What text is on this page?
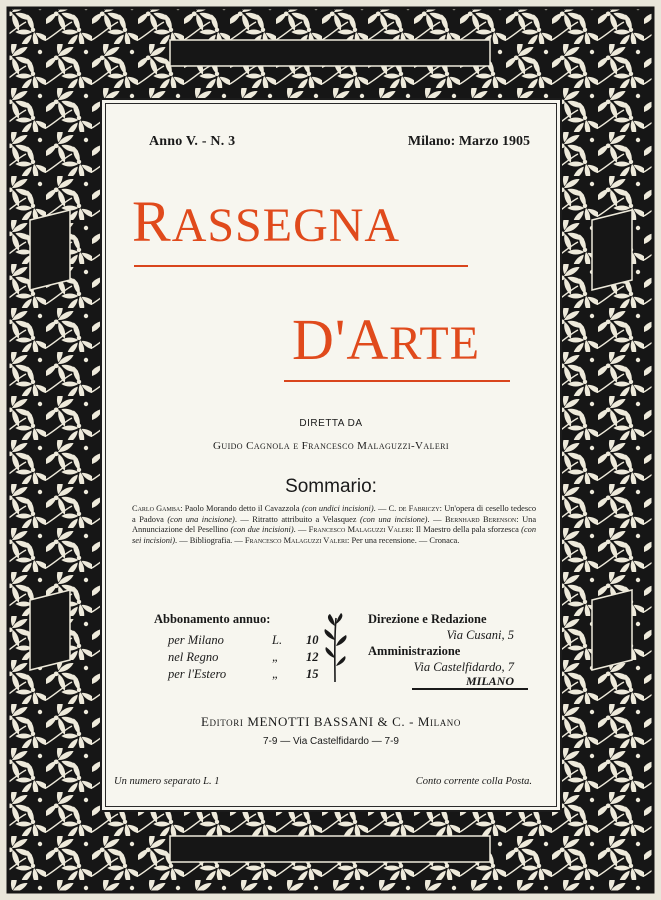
Anno V. - N. 3	Milano: Marzo 1905
RASSEGNA
D'ARTE
DIRETTA DA
Guido Cagnola e Francesco Malaguzzi-Valeri
Sommario:
Carlo Gamba: Paolo Morando detto il Cavazzola (con undici incisioni). — C. de Fabriczy: Un'opera di cesello tedesco a Padova (con una incisione). — Ritratto attribuito a Velasquez (con una incisione). — Bernhard Berenson: Una Annunciazione del Pesellino (con due incisioni). — Francesco Malaguzzi Valeri: Il Maestro della pala sforzesca (con sei incisioni). — Bibliografia. — Francesco Malaguzzi Valeri: Per una recensione. — Cronaca.
Abbonamento annuo:
per Milano	L.	10
nel Regno	„	12
per l'Estero	„	15
Direzione e Redazione
Via Cusani, 5
Amministrazione
Via Castelfidardo, 7
MILANO
Editori MENOTTI BASSANI & C. - Milano
7-9 — Via Castelfidardo — 7-9
Un numero separato L. 1	Conto corrente colla Posta.
